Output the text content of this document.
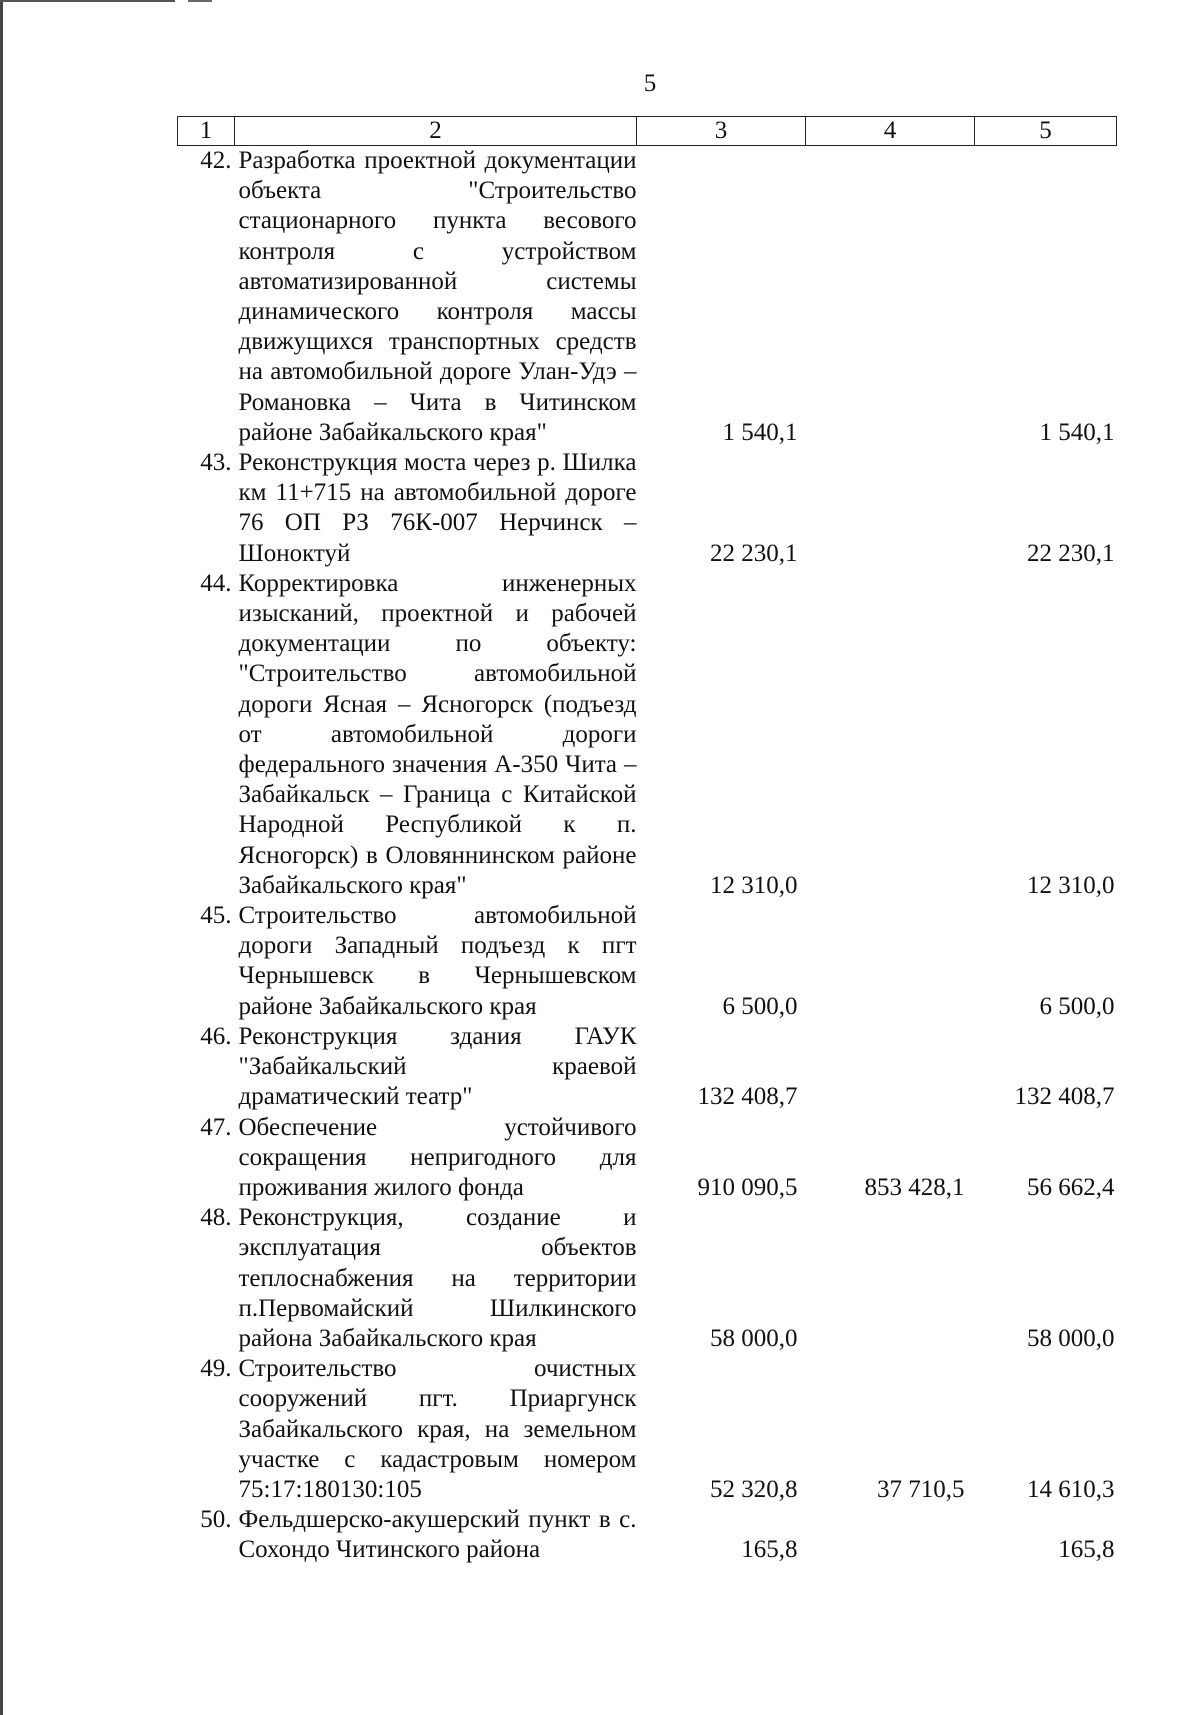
5
1	2	3	4	5
42.	Разработка проектной документации объекта "Строительство стационарного пункта весового контроля с устройством автоматизированной системы динамического контроля массы движущихся транспортных средств на автомобильной дороге Улан-Удэ – Романовка – Чита в Читинском районе Забайкальского края"	1 540,1		1 540,1
43.	Реконструкция моста через р. Шилка км 11+715 на автомобильной дороге 76 ОП РЗ 76К-007 Нерчинск – Шоноктуй	22 230,1		22 230,1
44.	Корректировка инженерных изысканий, проектной и рабочей документации по объекту: "Строительство автомобильной дороги Ясная – Ясногорск (подъезд от автомобильной дороги федерального значения А-350 Чита – Забайкальск – Граница с Китайской Народной Республикой к п. Ясногорск) в Оловяннинском районе Забайкальского края"	12 310,0		12 310,0
45.	Строительство автомобильной дороги Западный подъезд к пгт Чернышевск в Чернышевском районе Забайкальского края	6 500,0		6 500,0
46.	Реконструкция здания ГАУК "Забайкальский краевой драматический театр"	132 408,7		132 408,7
47.	Обеспечение устойчивого сокращения непригодного для проживания жилого фонда	910 090,5	853 428,1	56 662,4
48.	Реконструкция, создание и эксплуатация объектов теплоснабжения на территории п.Первомайский Шилкинского района Забайкальского края	58 000,0		58 000,0
49.	Строительство очистных сооружений пгт. Приаргунск Забайкальского края, на земельном участке с кадастровым номером 75:17:180130:105	52 320,8	37 710,5	14 610,3
50.	Фельдшерско-акушерский пункт в с. Сохондо Читинского района	165,8		165,8
